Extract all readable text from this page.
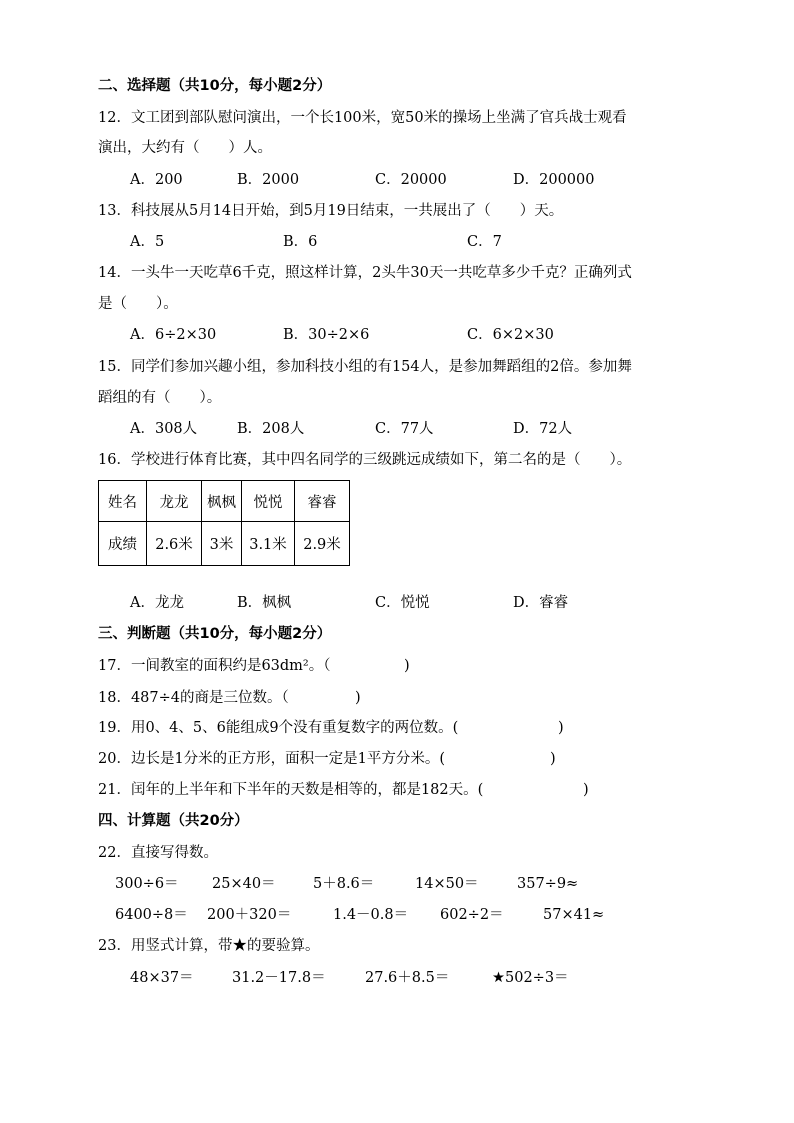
二、选择题（共10分，每小题2分）
12．文工团到部队慰问演出，一个长100米，宽50米的操场上坐满了官兵战士观看
演出，大约有（　　）人。
A．200	B．2000	C．20000	D．200000
13．科技展从5月14日开始，到5月19日结束，一共展出了（　　）天。
A．5	B．6	C．7
14．一头牛一天吃草6千克，照这样计算，2头牛30天一共吃草多少千克？正确列式
是（　　）。
A．6÷2×30	B．30÷2×6	C．6×2×30
15．同学们参加兴趣小组，参加科技小组的有154人，是参加舞蹈组的2倍。参加舞
蹈组的有（　　）。
A．308人	B．208人	C．77人	D．72人
16．学校进行体育比赛，其中四名同学的三级跳远成绩如下，第二名的是（　　）。
姓名	龙龙	枫枫	悦悦	睿睿
成绩	2.6米	3米	3.1米	2.9米
A．龙龙	B．枫枫	C．悦悦	D．睿睿
三、判断题（共10分，每小题2分）
17．一间教室的面积约是63dm²。（	)
18．487÷4的商是三位数。（	)
19．用0、4、5、6能组成9个没有重复数字的两位数。(	)
20．边长是1分米的正方形，面积一定是1平方分米。(	)
21．闰年的上半年和下半年的天数是相等的，都是182天。(	)
四、计算题（共20分）
22．直接写得数。
300÷6＝ 25×40＝	5＋8.6＝	14×50＝	357÷9≈
6400÷8＝ 200＋320＝	1.4－0.8＝ 602÷2＝	57×41≈
23．用竖式计算，带★的要验算。
48×37＝	31.2－17.8＝	27.6＋8.5＝	★502÷3＝
